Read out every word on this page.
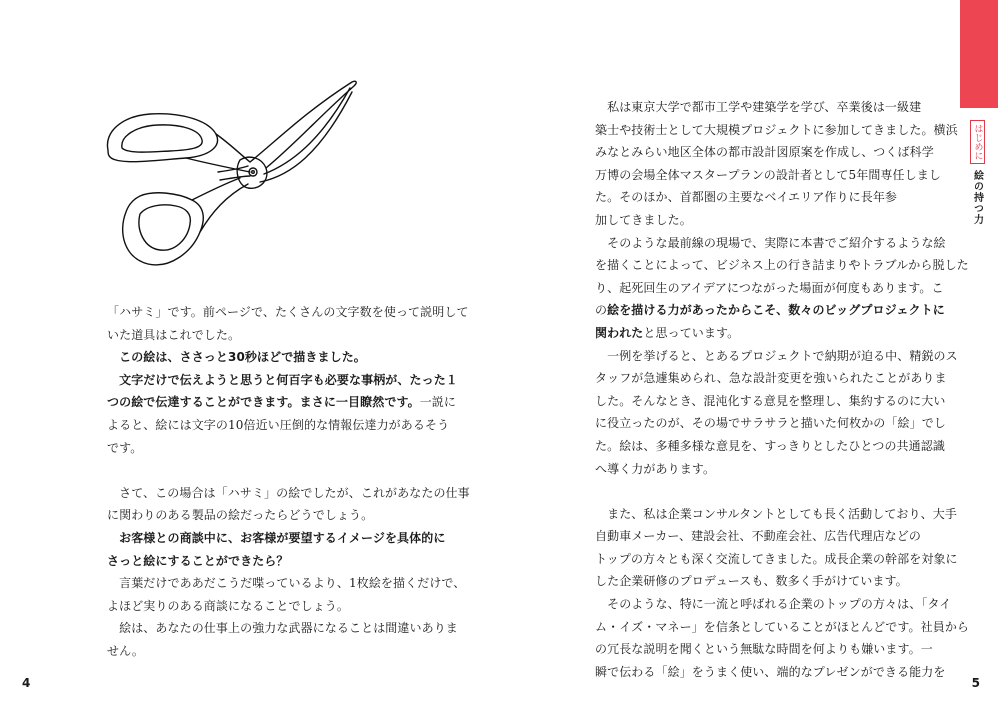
「ハサミ」です。前ページで、たくさんの文字数を使って説明して

いた道具はこれでした。

　この絵は、ささっと30秒ほどで描きました。

　文字だけで伝えようと思うと何百字も必要な事柄が、たった１

つの絵で伝達することができます。まさに一目瞭然です。一説に

よると、絵には文字の10倍近い圧倒的な情報伝達力があるそう

です。

　さて、この場合は「ハサミ」の絵でしたが、これがあなたの仕事

に関わりのある製品の絵だったらどうでしょう。

　お客様との商談中に、お客様が要望するイメージを具体的に

さっと絵にすることができたら？

　言葉だけでああだこうだ喋っているより、1枚絵を描くだけで、

よほど実りのある商談になることでしょう。

　絵は、あなたの仕事上の強力な武器になることは間違いありま

せん。

4

　私は東京大学で都市工学や建築学を学び、卒業後は一級建

築士や技術士として大規模プロジェクトに参加してきました。横浜

みなとみらい地区全体の都市設計図原案を作成し、つくば科学

万博の会場全体マスタープランの設計者として5年間専任しまし

た。そのほか、首都圏の主要なベイエリア作りに長年参

加してきました。

　そのような最前線の現場で、実際に本書でご紹介するような絵

を描くことによって、ビジネス上の行き詰まりやトラブルから脱した

り、起死回生のアイデアにつながった場面が何度もあります。こ

の絵を描ける力があったからこそ、数々のビッグプロジェクトに

関われたと思っています。

　一例を挙げると、とあるプロジェクトで納期が迫る中、精鋭のス

タッフが急遽集められ、急な設計変更を強いられたことがありま

した。そんなとき、混沌化する意見を整理し、集約するのに大い

に役立ったのが、その場でサラサラと描いた何枚かの「絵」でし

た。絵は、多種多様な意見を、すっきりとしたひとつの共通認識

へ導く力があります。

　また、私は企業コンサルタントとしても長く活動しており、大手

自動車メーカー、建設会社、不動産会社、広告代理店などの

トップの方々とも深く交流してきました。成長企業の幹部を対象に

した企業研修のプロデュースも、数多く手がけています。

　そのような、特に一流と呼ばれる企業のトップの方々は、「タイ

ム・イズ・マネー」を信条としていることがほとんどです。社員から

の冗長な説明を聞くという無駄な時間を何よりも嫌います。一

瞬で伝わる「絵」をうまく使い、端的なプレゼンができる能力を

5
はじめに
絵の持つ力
